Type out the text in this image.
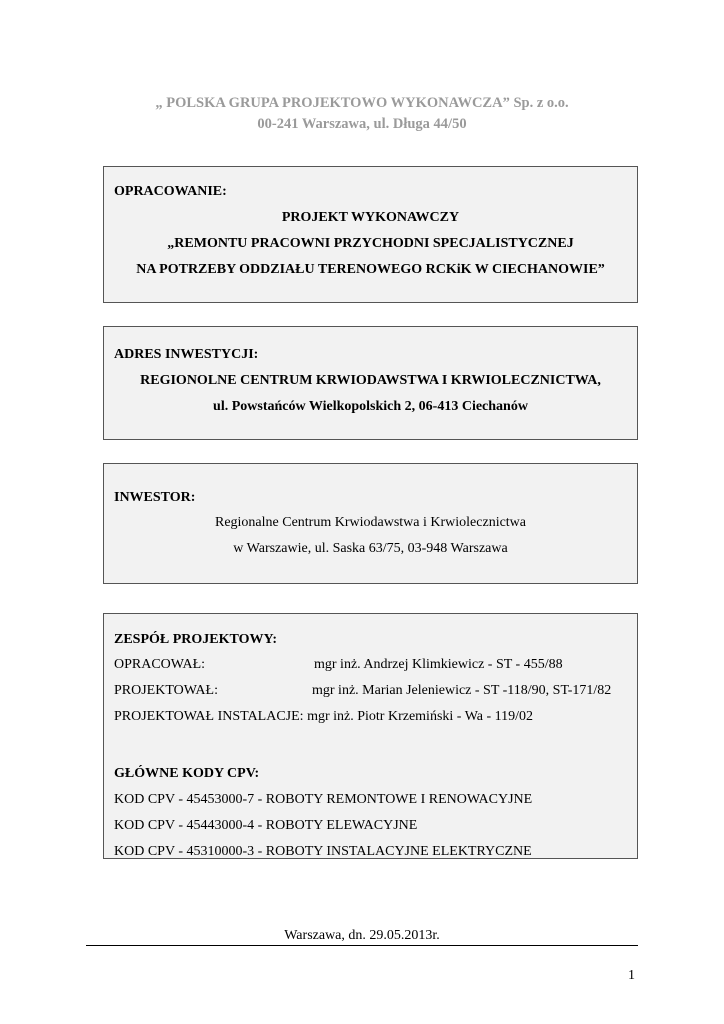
„ POLSKA GRUPA PROJEKTOWO WYKONAWCZA” Sp. z o.o.
00-241 Warszawa, ul. Długa 44/50
OPRACOWANIE:
PROJEKT WYKONAWCZY
„REMONTU PRACOWNI PRZYCHODNI SPECJALISTYCZNEJ
NA POTRZEBY ODDZIAŁU TERENOWEGO RCKiK W CIECHANOWIE”
ADRES INWESTYCJI:
REGIONOLNE CENTRUM KRWIODAWSTWA I KRWIOLECZNICTWA,
ul. Powstańców Wielkopolskich 2, 06-413 Ciechanów
INWESTOR:
Regionalne Centrum Krwiodawstwa i Krwiolecznictwa
w Warszawie, ul. Saska 63/75, 03-948 Warszawa
ZESPÓŁ PROJEKTOWY:
OPRACOWAŁ:	mgr inż. Andrzej Klimkiewicz - ST - 455/88
PROJEKTOWAŁ:	mgr inż. Marian Jeleniewicz - ST -118/90, ST-171/82
PROJEKTOWAŁ INSTALACJE: mgr inż. Piotr Krzemiński - Wa - 119/02
GŁÓWNE KODY CPV:
KOD CPV - 45453000-7 - ROBOTY REMONTOWE I RENOWACYJNE
KOD CPV - 45443000-4 - ROBOTY ELEWACYJNE
KOD CPV - 45310000-3 - ROBOTY INSTALACYJNE ELEKTRYCZNE
Warszawa, dn. 29.05.2013r.
1
